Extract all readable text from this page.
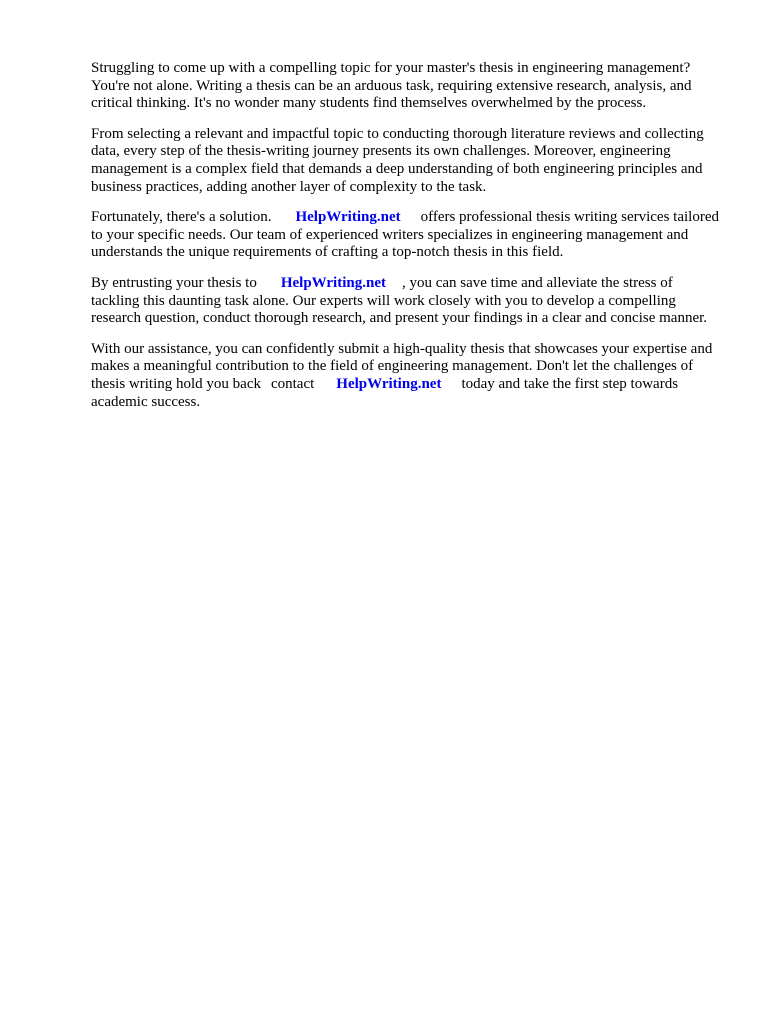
Struggling to come up with a compelling topic for your master's thesis in engineering management? You're not alone. Writing a thesis can be an arduous task, requiring extensive research, analysis, and critical thinking. It's no wonder many students find themselves overwhelmed by the process.

From selecting a relevant and impactful topic to conducting thorough literature reviews and collecting data, every step of the thesis-writing journey presents its own challenges. Moreover, engineering management is a complex field that demands a deep understanding of both engineering principles and business practices, adding another layer of complexity to the task.

Fortunately, there's a solution. HelpWriting.net offers professional thesis writing services tailored to your specific needs. Our team of experienced writers specializes in engineering management and understands the unique requirements of crafting a top-notch thesis in this field.

By entrusting your thesis to HelpWriting.net , you can save time and alleviate the stress of tackling this daunting task alone. Our experts will work closely with you to develop a compelling research question, conduct thorough research, and present your findings in a clear and concise manner.

With our assistance, you can confidently submit a high-quality thesis that showcases your expertise and makes a meaningful contribution to the field of engineering management. Don't let the challenges of thesis writing hold you back contact HelpWriting.net today and take the first step towards academic success.
